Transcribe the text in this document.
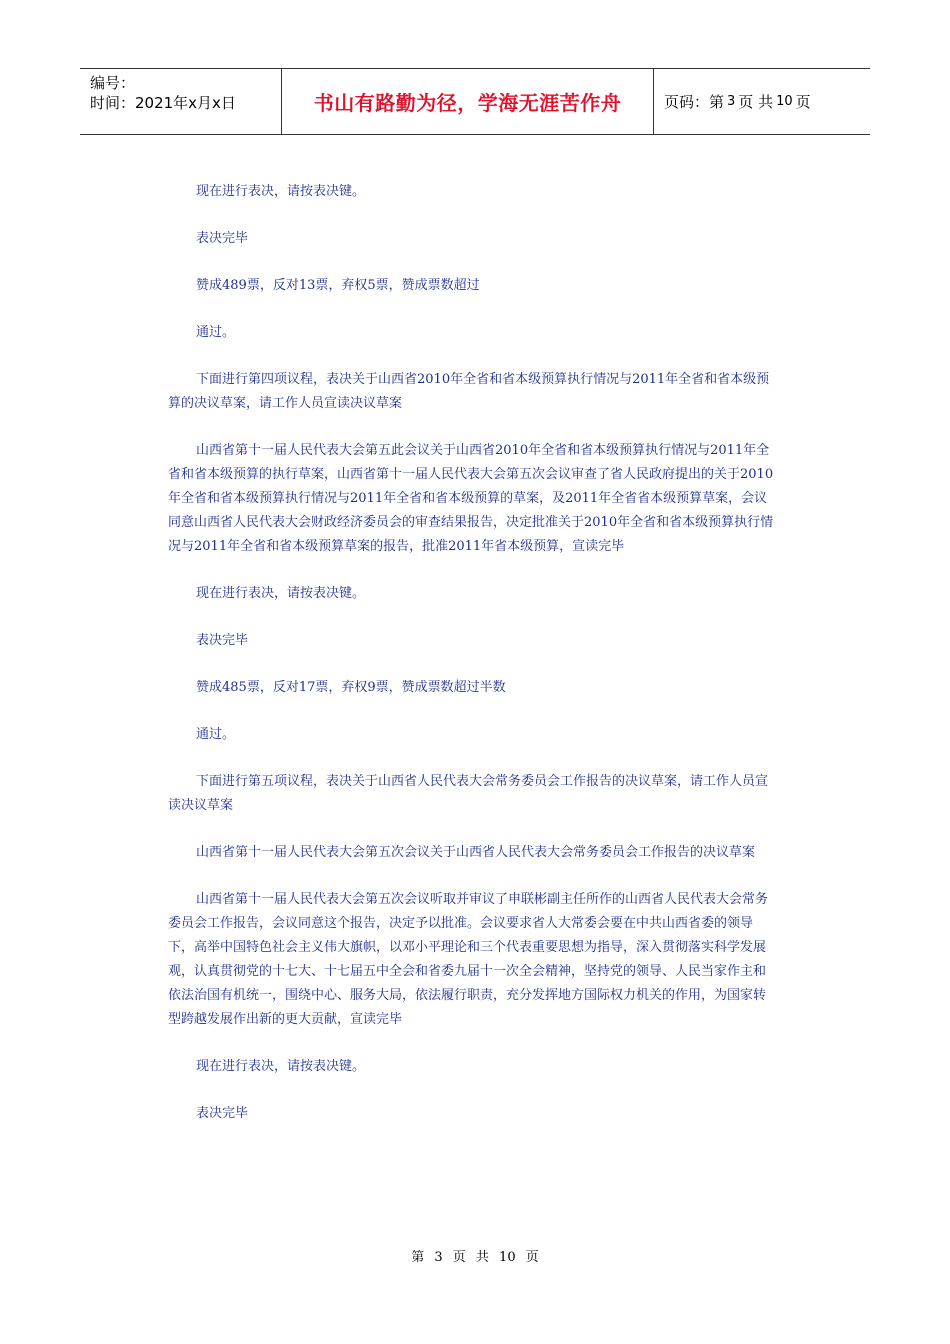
编号：
时间：2021年x月x日	书山有路勤为径，学海无涯苦作舟	页码：第 3 页 共 10 页

现在进行表决，请按表决键。

表决完毕

赞成489票，反对13票，弃权5票，赞成票数超过

通过。

下面进行第四项议程，表决关于山西省2010年全省和省本级预算执行情况与2011年全省和省本级预算的决议草案，请工作人员宣读决议草案

山西省第十一届人民代表大会第五此会议关于山西省2010年全省和省本级预算执行情况与2011年全省和省本级预算的执行草案，山西省第十一届人民代表大会第五次会议审查了省人民政府提出的关于2010年全省和省本级预算执行情况与2011年全省和省本级预算的草案，及2011年全省省本级预算草案，会议同意山西省人民代表大会财政经济委员会的审查结果报告，决定批准关于2010年全省和省本级预算执行情况与2011年全省和省本级预算草案的报告，批准2011年省本级预算，宣读完毕

现在进行表决，请按表决键。

表决完毕

赞成485票，反对17票，弃权9票，赞成票数超过半数

通过。

下面进行第五项议程，表决关于山西省人民代表大会常务委员会工作报告的决议草案，请工作人员宣读决议草案

山西省第十一届人民代表大会第五次会议关于山西省人民代表大会常务委员会工作报告的决议草案

山西省第十一届人民代表大会第五次会议听取并审议了申联彬副主任所作的山西省人民代表大会常务委员会工作报告，会议同意这个报告，决定予以批准。会议要求省人大常委会要在中共山西省委的领导下，高举中国特色社会主义伟大旗帜，以邓小平理论和三个代表重要思想为指导，深入贯彻落实科学发展观，认真贯彻党的十七大、十七届五中全会和省委九届十一次全会精神，坚持党的领导、人民当家作主和依法治国有机统一，围绕中心、服务大局，依法履行职责，充分发挥地方国际权力机关的作用，为国家转型跨越发展作出新的更大贡献，宣读完毕

现在进行表决，请按表决键。

表决完毕

第 3 页 共 10 页
